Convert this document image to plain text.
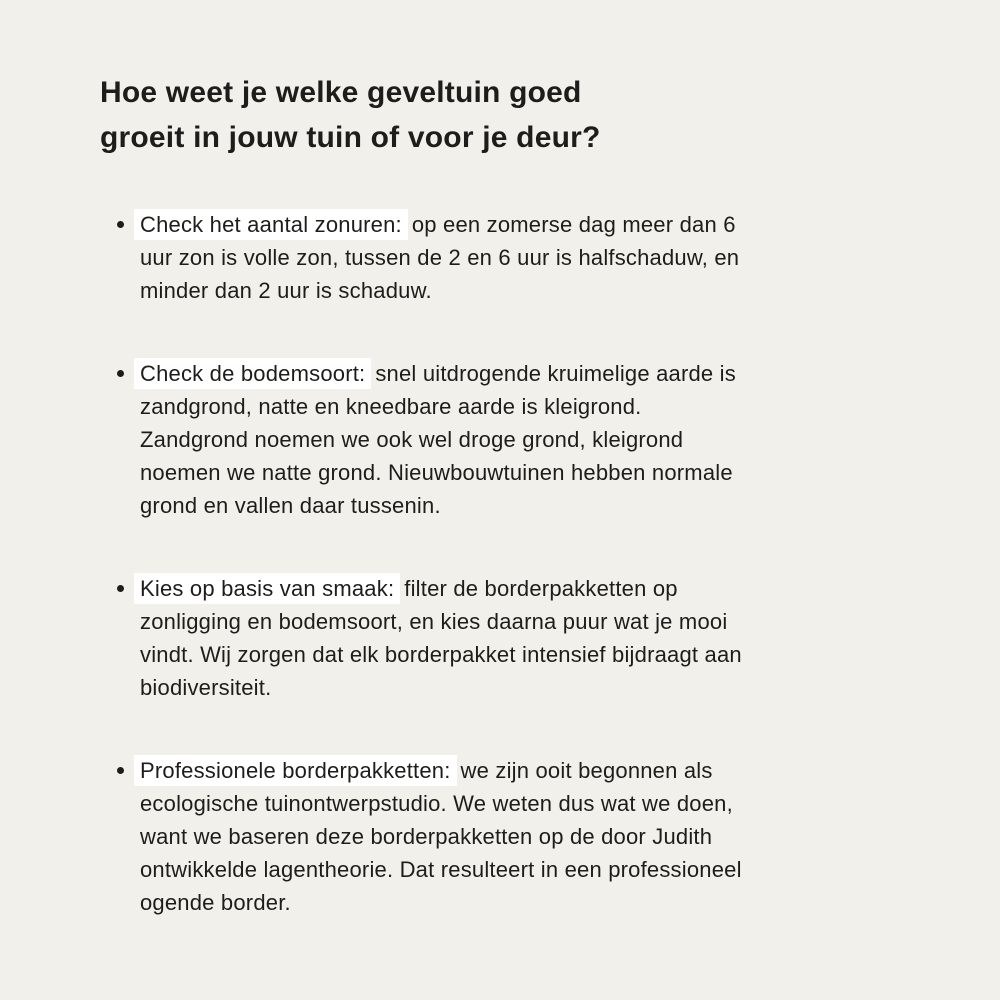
Hoe weet je welke geveltuin goed
groeit in jouw tuin of voor je deur?
Check het aantal zonuren: op een zomerse dag meer dan 6 uur zon is volle zon, tussen de 2 en 6 uur is halfschaduw, en minder dan 2 uur is schaduw.
Check de bodemsoort: snel uitdrogende kruimelige aarde is zandgrond, natte en kneedbare aarde is kleigrond. Zandgrond noemen we ook wel droge grond, kleigrond noemen we natte grond. Nieuwbouwtuinen hebben normale grond en vallen daar tussenin.
Kies op basis van smaak: filter de borderpakketten op zonligging en bodemsoort, en kies daarna puur wat je mooi vindt. Wij zorgen dat elk borderpakket intensief bijdraagt aan biodiversiteit.
Professionele borderpakketten: we zijn ooit begonnen als ecologische tuinontwerpstudio. We weten dus wat we doen, want we baseren deze borderpakketten op de door Judith ontwikkelde lagentheorie. Dat resulteert in een professioneel ogende border.
